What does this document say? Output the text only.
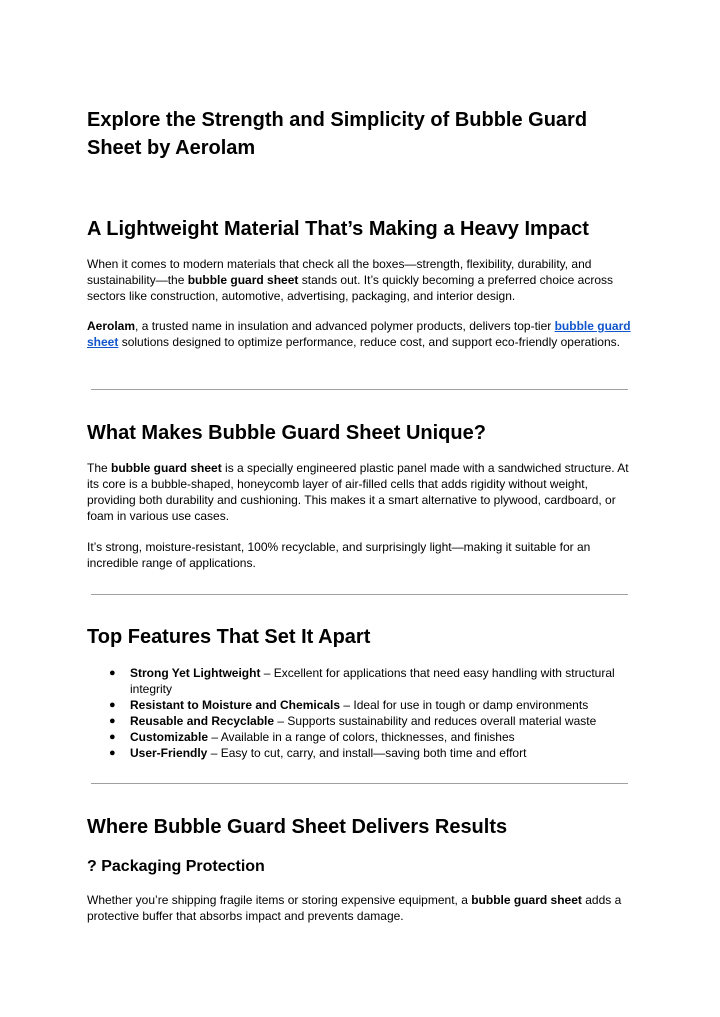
Explore the Strength and Simplicity of Bubble Guard Sheet by Aerolam
A Lightweight Material That’s Making a Heavy Impact

When it comes to modern materials that check all the boxes—strength, flexibility, durability, and sustainability—the bubble guard sheet stands out. It’s quickly becoming a preferred choice across sectors like construction, automotive, advertising, packaging, and interior design.

Aerolam, a trusted name in insulation and advanced polymer products, delivers top-tier bubble guard sheet solutions designed to optimize performance, reduce cost, and support eco-friendly operations.

What Makes Bubble Guard Sheet Unique?

The bubble guard sheet is a specially engineered plastic panel made with a sandwiched structure. At its core is a bubble-shaped, honeycomb layer of air-filled cells that adds rigidity without weight, providing both durability and cushioning. This makes it a smart alternative to plywood, cardboard, or foam in various use cases.

It’s strong, moisture-resistant, 100% recyclable, and surprisingly light—making it suitable for an incredible range of applications.

Top Features That Set It Apart
● Strong Yet Lightweight – Excellent for applications that need easy handling with structural integrity
● Resistant to Moisture and Chemicals – Ideal for use in tough or damp environments
● Reusable and Recyclable – Supports sustainability and reduces overall material waste
● Customizable – Available in a range of colors, thicknesses, and finishes
● User-Friendly – Easy to cut, carry, and install—saving both time and effort
Where Bubble Guard Sheet Delivers Results
? Packaging Protection

Whether you’re shipping fragile items or storing expensive equipment, a bubble guard sheet adds a protective buffer that absorbs impact and prevents damage.
